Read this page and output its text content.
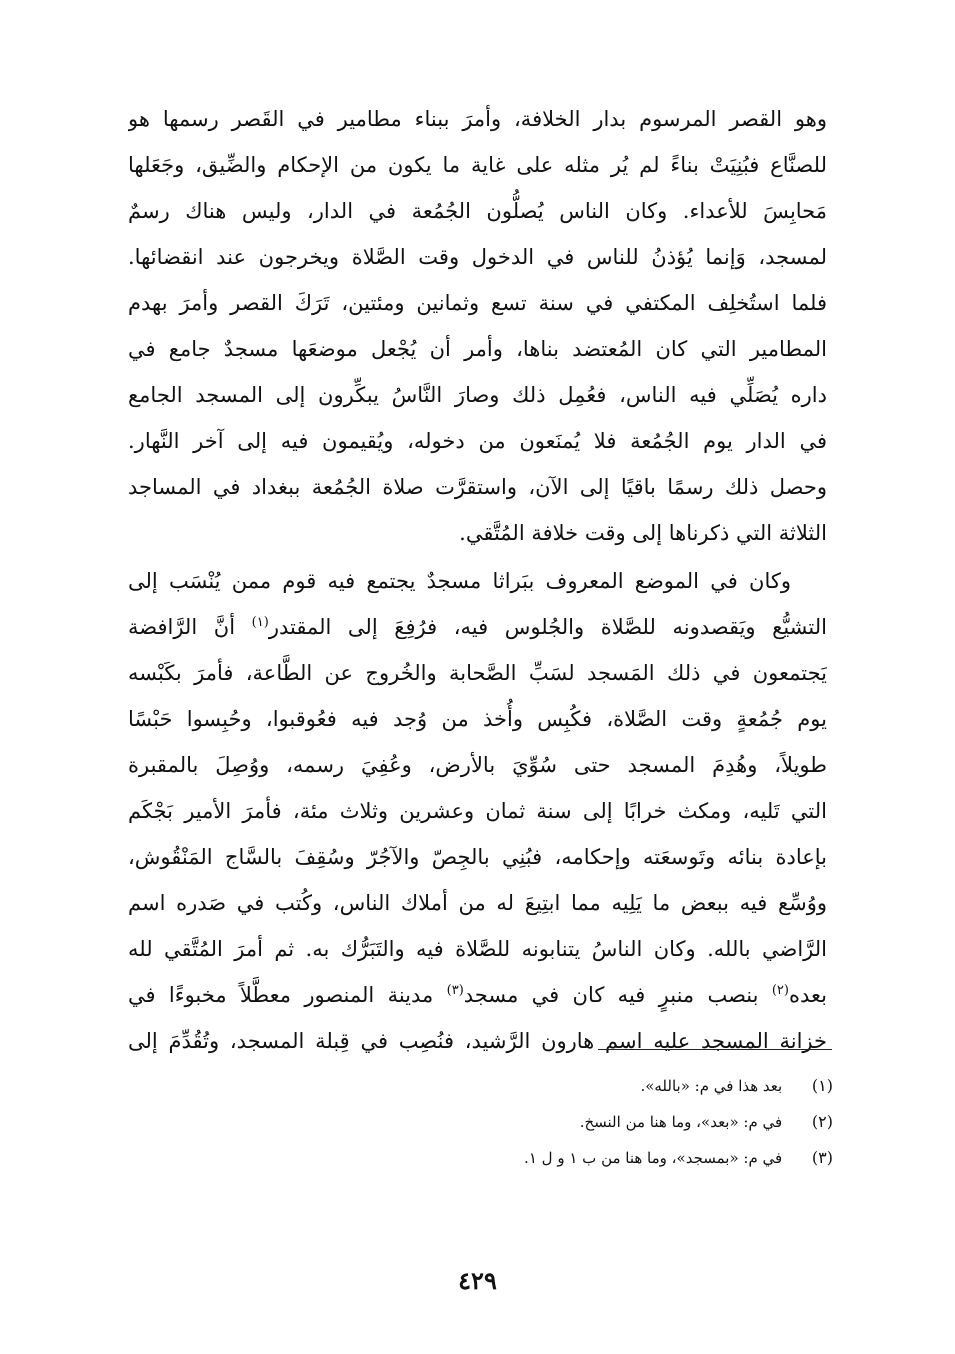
وهو القصر المرسوم بدار الخلافة، وأمرَ ببناء مطامير في القَصر رسمها هو
للصنَّاع فبُنِيَتْ بناءً لم يُر مثله على غاية ما يكون من الإحكام والضِّيق، وجَعَلها
مَحابِسَ للأعداء. وكان الناس يُصلُّون الجُمُعة في الدار، وليس هناك رسمٌ
لمسجد، وَإنما يُؤذنُ للناس في الدخول وقت الصَّلاة ويخرجون عند انقضائها.
فلما استُخلِف المكتفي في سنة تسع وثمانين ومئتين، تَرَكَ القصر وأمرَ بهدم
المطامير التي كان المُعتضد بناها، وأمر أن يُجْعل موضعَها مسجدٌ جامع في
داره يُصَلِّي فيه الناس، فعُمِل ذلك وصارَ النَّاسُ يبكِّرون إلى المسجد الجامع
في الدار يوم الجُمُعة فلا يُمنَعون من دخوله، ويُقيمون فيه إلى آخر النَّهار.
وحصل ذلك رسمًا باقيًا إلى الآن، واستقرَّت صلاة الجُمُعة ببغداد في المساجد
الثلاثة التي ذكرناها إلى وقت خلافة المُتَّقي.
وكان في الموضع المعروف ببَراثا مسجدٌ يجتمع فيه قوم ممن يُنْسَب إلى
التشيُّع ويَقصدونه للصَّلاة والجُلوس فيه، فرُفِعَ إلى المقتدر$^{(١)}$ أنَّ الرَّافضة
يَجتمعون في ذلك المَسجد لسَبِّ الصَّحابة والخُروج عن الطَّاعة، فأمرَ بكَبْسه
يوم جُمُعةٍ وقت الصَّلاة، فكُبِس وأُخذ من وُجد فيه فعُوقبوا، وحُبِسوا حَبْسًا
طويلاً، وهُدِمَ المسجد حتى سُوِّيَ بالأرض، وعُفِيَ رسمه، ووُصِلَ بالمقبرة
التي تَليه، ومكث خرابًا إلى سنة ثمان وعشرين وثلاث مئة، فأمرَ الأمير بَجْكَم
بإعادة بنائه وتَوسعَته وإحكامه، فبُنِي بالجِصّ والآجُرّ وسُقِفَ بالسَّاج المَنْقُوش،
ووُسِّع فيه ببعض ما يَلِيه مما ابتِيعَ له من أملاك الناس، وكُتب في صَدره اسم
الرَّاضي بالله. وكان الناسُ يتنابونه للصَّلاة فيه والتَبَرُّك به. ثم أمرَ المُتَّقي لله
بعده$^{(٢)}$ بنصب منبرٍ فيه كان في مسجد$^{(٣)}$ مدينة المنصور معطَّلاً مخبوءًا في
خزانة المسجد عليه اسم هارون الرَّشيد، فنُصِب في قِبلة المسجد، وتُقُدِّمَ إلى
(١) بعد هذا في م: «بالله».
(٢) في م: «بعد»، وما هنا من النسخ.
(٣) في م: «بمسجد»، وما هنا من ب ١ و ل ١.
٤٢٩
